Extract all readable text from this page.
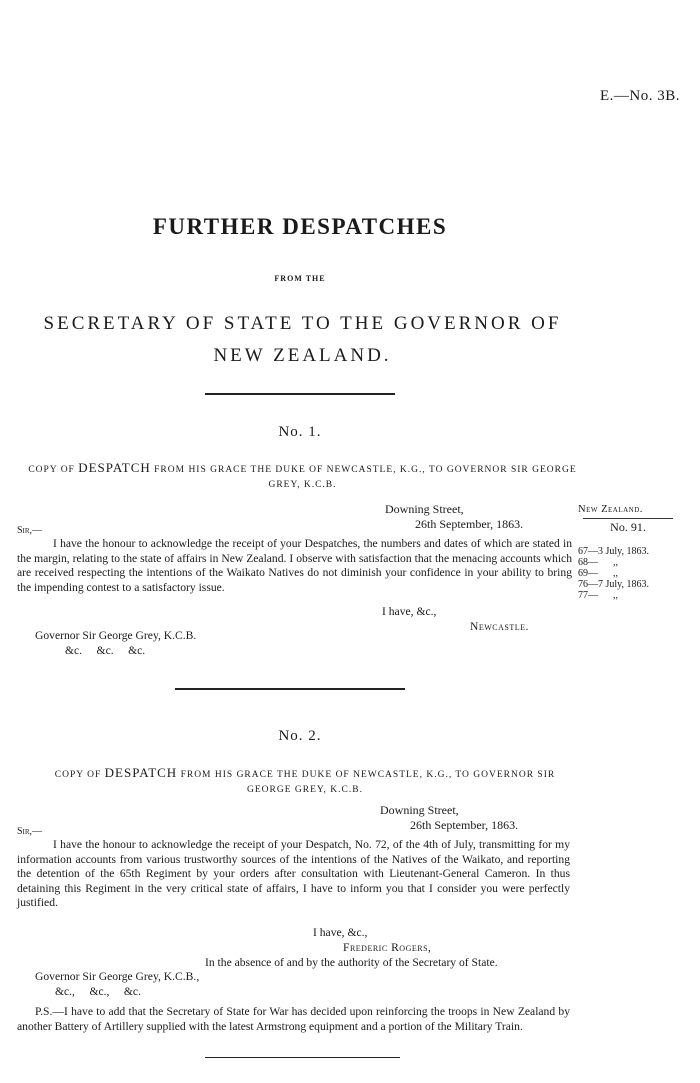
E.—No. 3B.
FURTHER DESPATCHES
FROM THE
SECRETARY OF STATE TO THE GOVERNOR OF NEW ZEALAND.
No. 1.
COPY OF DESPATCH FROM HIS GRACE THE DUKE OF NEWCASTLE, K.G., TO GOVERNOR SIR GEORGE GREY, K.C.B.
Downing Street,
26th September, 1863.
Sir,—
I have the honour to acknowledge the receipt of your Despatches, the numbers and dates of which are stated in the margin, relating to the state of affairs in New Zealand. I observe with satisfaction that the menacing accounts which are received respecting the intentions of the Waikato Natives do not diminish your confidence in your ability to bring the impending contest to a satisfactory issue.
I have, &c.,
Newcastle.
Governor Sir George Grey, K.C.B.
&c.     &c.     &c.
New Zealand.
No. 91.
67—3 July, 1863.
68—      ,,
69—      ,,
76—7 July, 1863.
77—      ,,
No. 2.
COPY OF DESPATCH FROM HIS GRACE THE DUKE OF NEWCASTLE, K.G., TO GOVERNOR SIR GEORGE GREY, K.C.B.
Downing Street,
26th September, 1863.
Sir,—
I have the honour to acknowledge the receipt of your Despatch, No. 72, of the 4th of July, transmitting for my information accounts from various trustworthy sources of the intentions of the Natives of the Waikato, and reporting the detention of the 65th Regiment by your orders after consultation with Lieutenant-General Cameron. In thus detaining this Regiment in the very critical state of affairs, I have to inform you that I consider you were perfectly justified.
I have, &c.,
Frederic Rogers,
In the absence of and by the authority of the Secretary of State.
Governor Sir George Grey, K.C.B.,
&c.,     &c.,     &c.
P.S.—I have to add that the Secretary of State for War has decided upon reinforcing the troops in New Zealand by another Battery of Artillery supplied with the latest Armstrong equipment and a portion of the Military Train.
